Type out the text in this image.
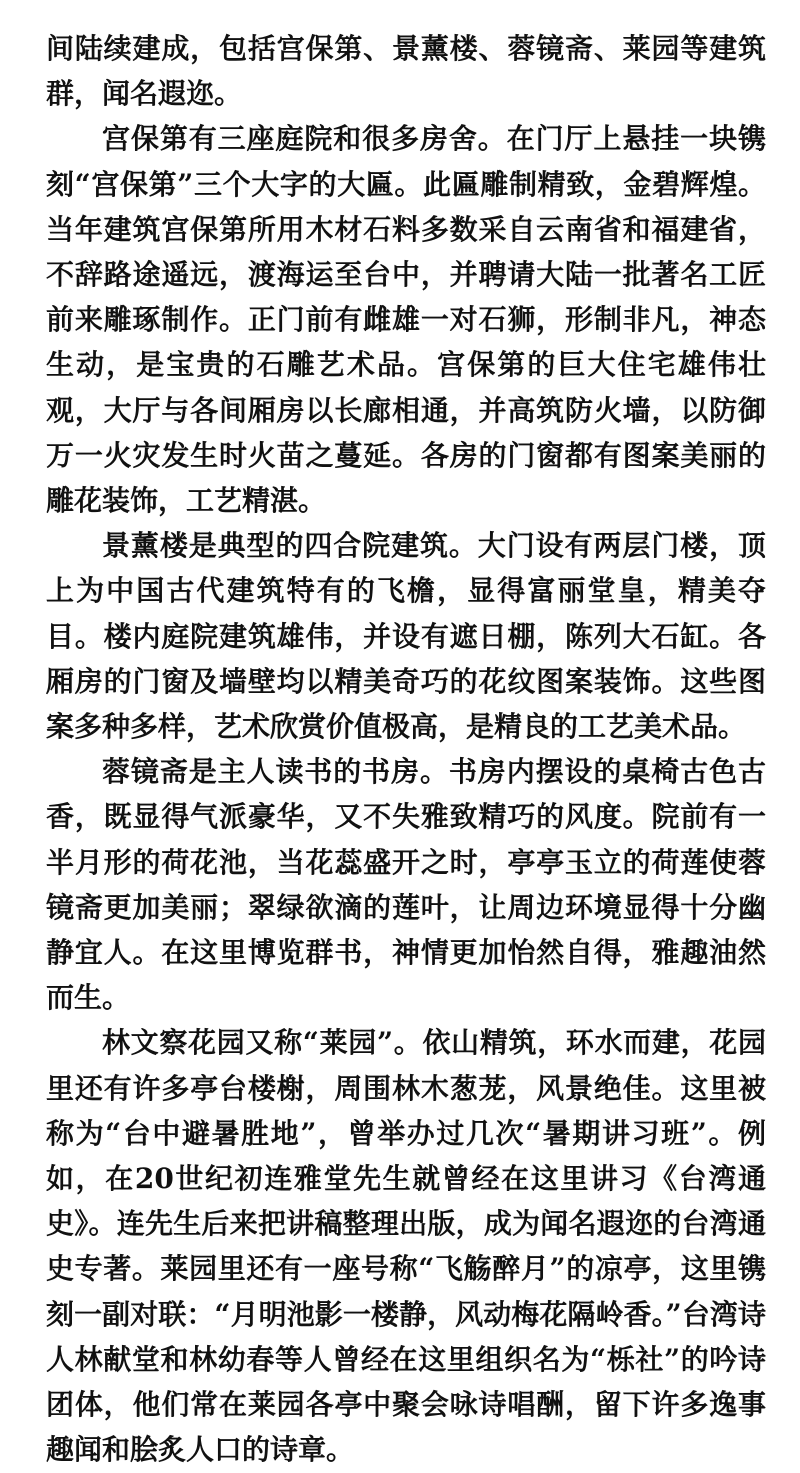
间陆续建成，包括宫保第、景薰楼、蓉镜斋、莱园等建筑群，闻名遐迩。

宫保第有三座庭院和很多房舍。在门厅上悬挂一块镌刻“宫保第”三个大字的大匾。此匾雕制精致，金碧辉煌。当年建筑宫保第所用木材石料多数采自云南省和福建省，不辞路途遥远，渡海运至台中，并聘请大陆一批著名工匠前来雕琢制作。正门前有雌雄一对石狮，形制非凡，神态生动，是宝贵的石雕艺术品。宫保第的巨大住宅雄伟壮观，大厅与各间厢房以长廊相通，并高筑防火墙，以防御万一火灾发生时火苗之蔓延。各房的门窗都有图案美丽的雕花装饰，工艺精湛。

景薰楼是典型的四合院建筑。大门设有两层门楼，顶上为中国古代建筑特有的飞檐，显得富丽堂皇，精美夺目。楼内庭院建筑雄伟，并设有遮日棚，陈列大石缸。各厢房的门窗及墙壁均以精美奇巧的花纹图案装饰。这些图案多种多样，艺术欣赏价值极高，是精良的工艺美术品。

蓉镜斋是主人读书的书房。书房内摆设的桌椅古色古香，既显得气派豪华，又不失雅致精巧的风度。院前有一半月形的荷花池，当花蕊盛开之时，亭亭玉立的荷莲使蓉镜斋更加美丽；翠绿欲滴的莲叶，让周边环境显得十分幽静宜人。在这里博览群书，神情更加怡然自得，雅趣油然而生。

林文察花园又称“莱园”。依山精筑，环水而建，花园里还有许多亭台楼榭，周围林木葱茏，风景绝佳。这里被称为“台中避暑胜地”，曾举办过几次“暑期讲习班”。例如，在20世纪初连雅堂先生就曾经在这里讲习《台湾通史》。连先生后来把讲稿整理出版，成为闻名遐迩的台湾通史专著。莱园里还有一座号称“飞觞醉月”的凉亭，这里镌刻一副对联：“月明池影一楼静，风动梅花隔岭香。”台湾诗人林献堂和林幼春等人曾经在这里组织名为“栎社”的吟诗团体，他们常在莱园各亭中聚会咏诗唱酬，留下许多逸事趣闻和脍炙人口的诗章。
